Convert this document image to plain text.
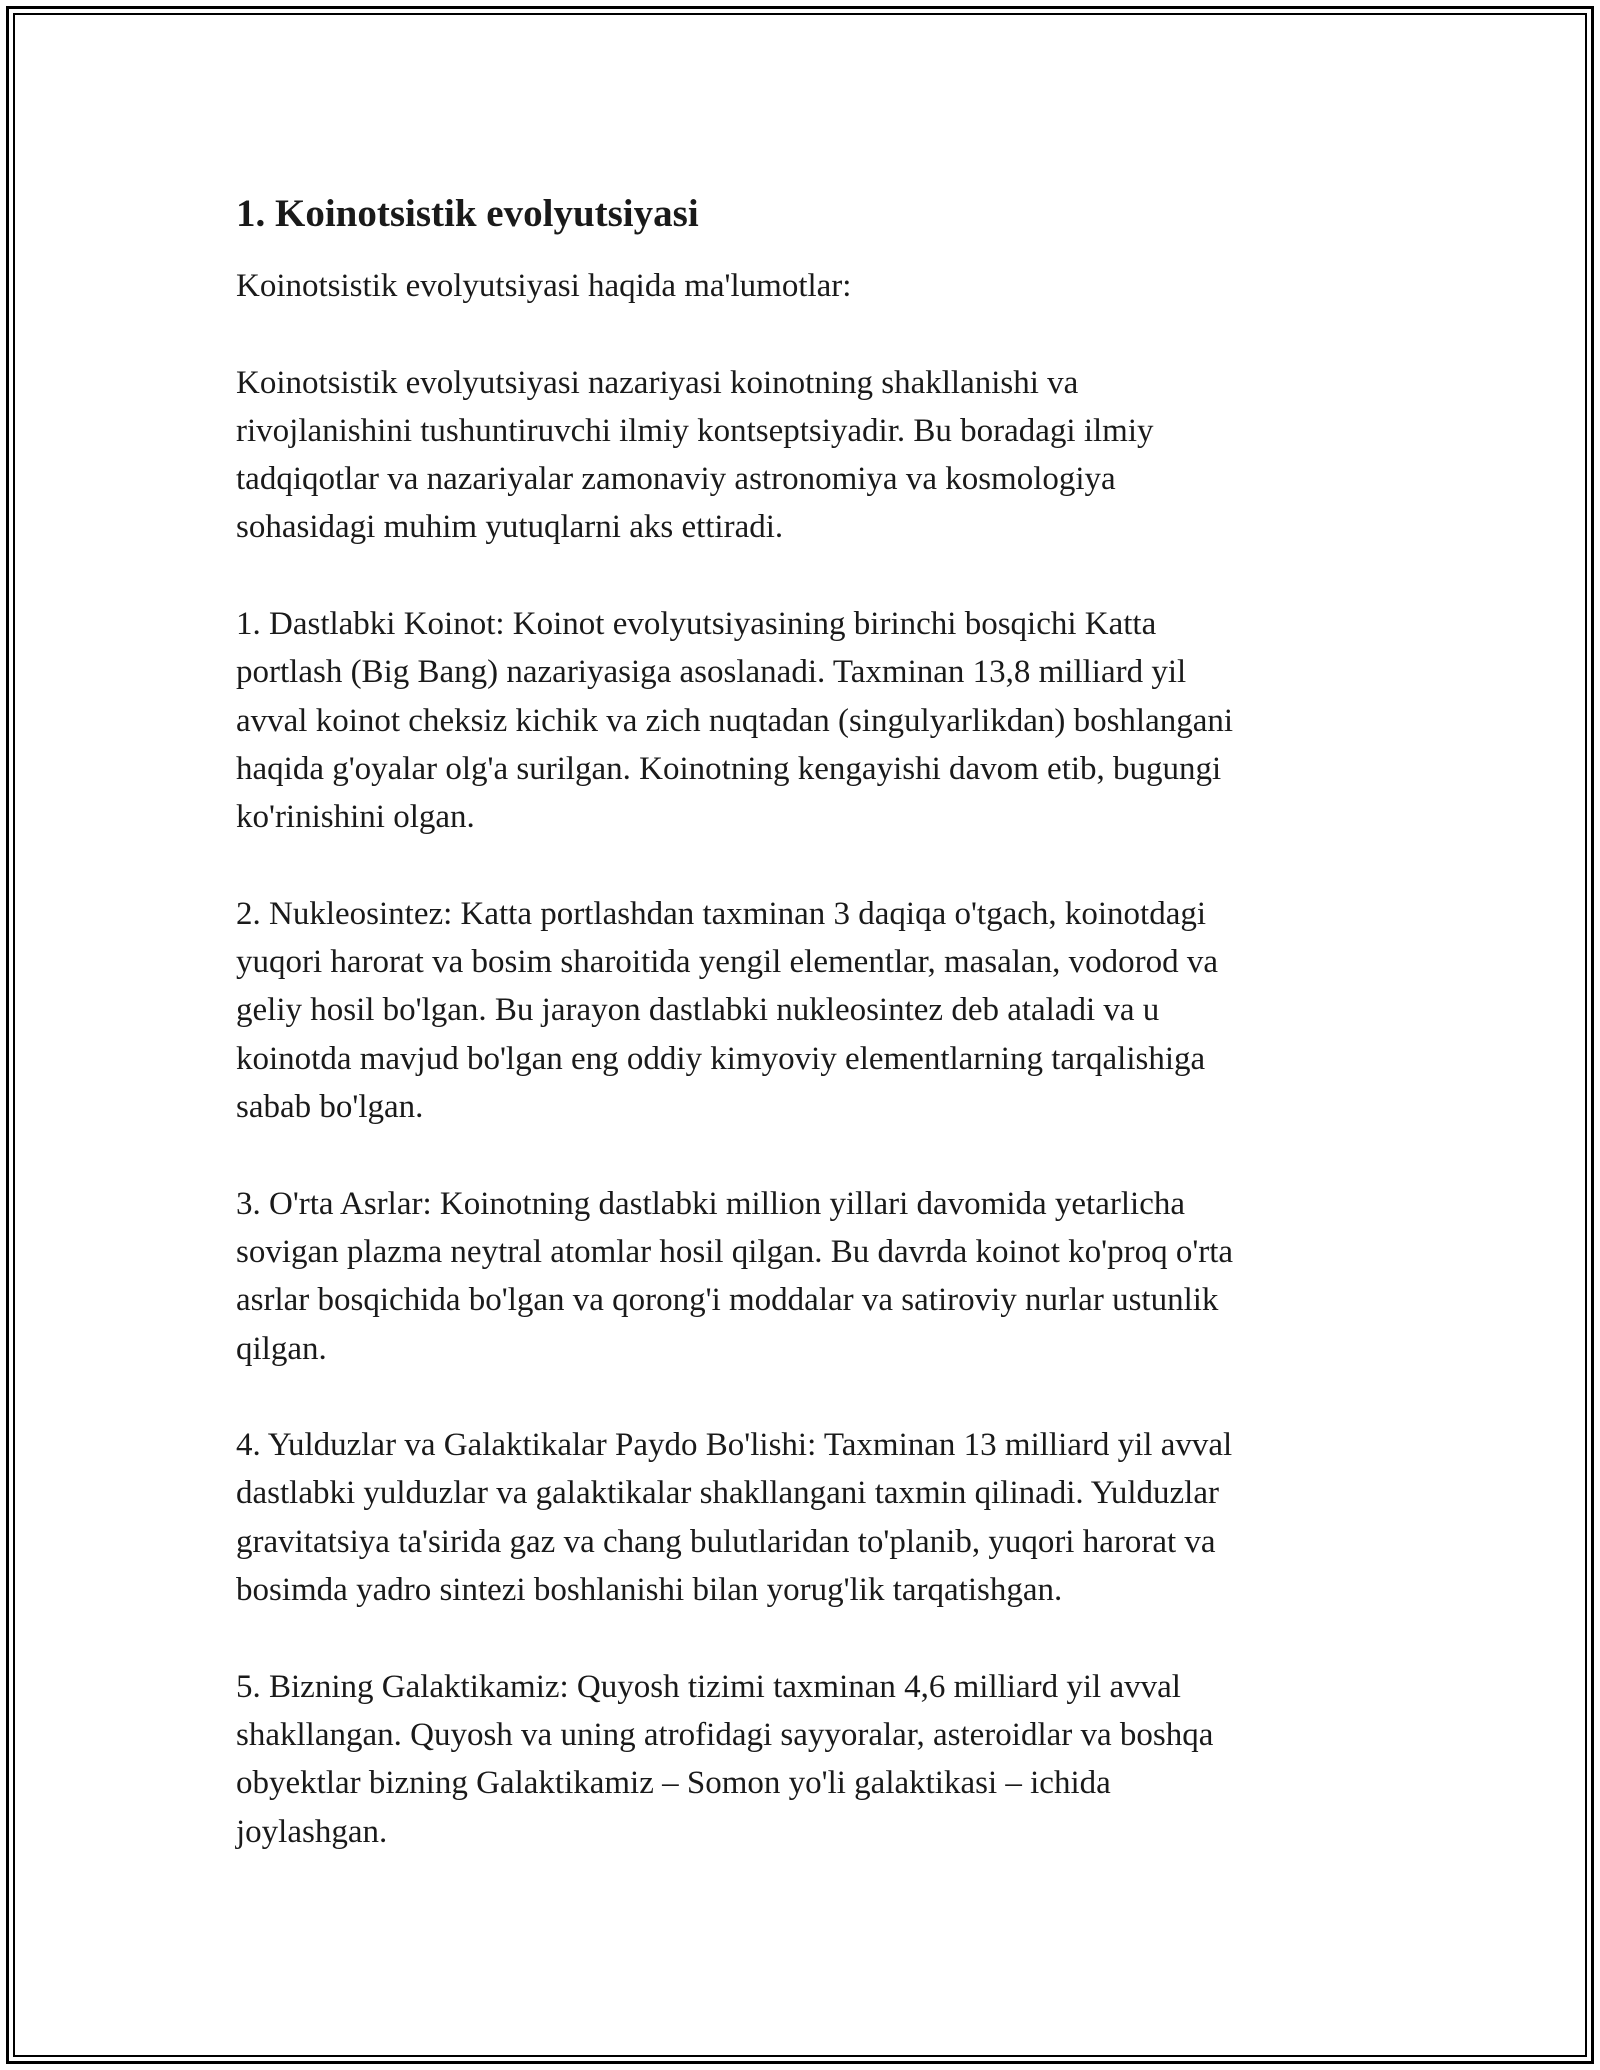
1. Koinotsistik evolyutsiyasi
Koinotsistik evolyutsiyasi haqida ma'lumotlar:
Koinotsistik evolyutsiyasi nazariyasi koinotning shakllanishi va
rivojlanishini tushuntiruvchi ilmiy kontseptsiyadir. Bu boradagi ilmiy
tadqiqotlar va nazariyalar zamonaviy astronomiya va kosmologiya
sohasidagi muhim yutuqlarni aks ettiradi.
1. Dastlabki Koinot: Koinot evolyutsiyasining birinchi bosqichi Katta
portlash (Big Bang) nazariyasiga asoslanadi. Taxminan 13,8 milliard yil
avval koinot cheksiz kichik va zich nuqtadan (singulyarlikdan) boshlangani
haqida g'oyalar olg'a surilgan. Koinotning kengayishi davom etib, bugungi
ko'rinishini olgan.
2. Nukleosintez: Katta portlashdan taxminan 3 daqiqa o'tgach, koinotdagi
yuqori harorat va bosim sharoitida yengil elementlar, masalan, vodorod va
geliy hosil bo'lgan. Bu jarayon dastlabki nukleosintez deb ataladi va u
koinotda mavjud bo'lgan eng oddiy kimyoviy elementlarning tarqalishiga
sabab bo'lgan.
3. O'rta Asrlar: Koinotning dastlabki million yillari davomida yetarlicha
sovigan plazma neytral atomlar hosil qilgan. Bu davrda koinot ko'proq o'rta
asrlar bosqichida bo'lgan va qorong'i moddalar va satiroviy nurlar ustunlik
qilgan.
4. Yulduzlar va Galaktikalar Paydo Bo'lishi: Taxminan 13 milliard yil avval
dastlabki yulduzlar va galaktikalar shakllangani taxmin qilinadi. Yulduzlar
gravitatsiya ta'sirida gaz va chang bulutlaridan to'planib, yuqori harorat va
bosimda yadro sintezi boshlanishi bilan yorug'lik tarqatishgan.
5. Bizning Galaktikamiz: Quyosh tizimi taxminan 4,6 milliard yil avval
shakllangan. Quyosh va uning atrofidagi sayyoralar, asteroidlar va boshqa
obyektlar bizning Galaktikamiz – Somon yo'li galaktikasi – ichida
joylashgan.
